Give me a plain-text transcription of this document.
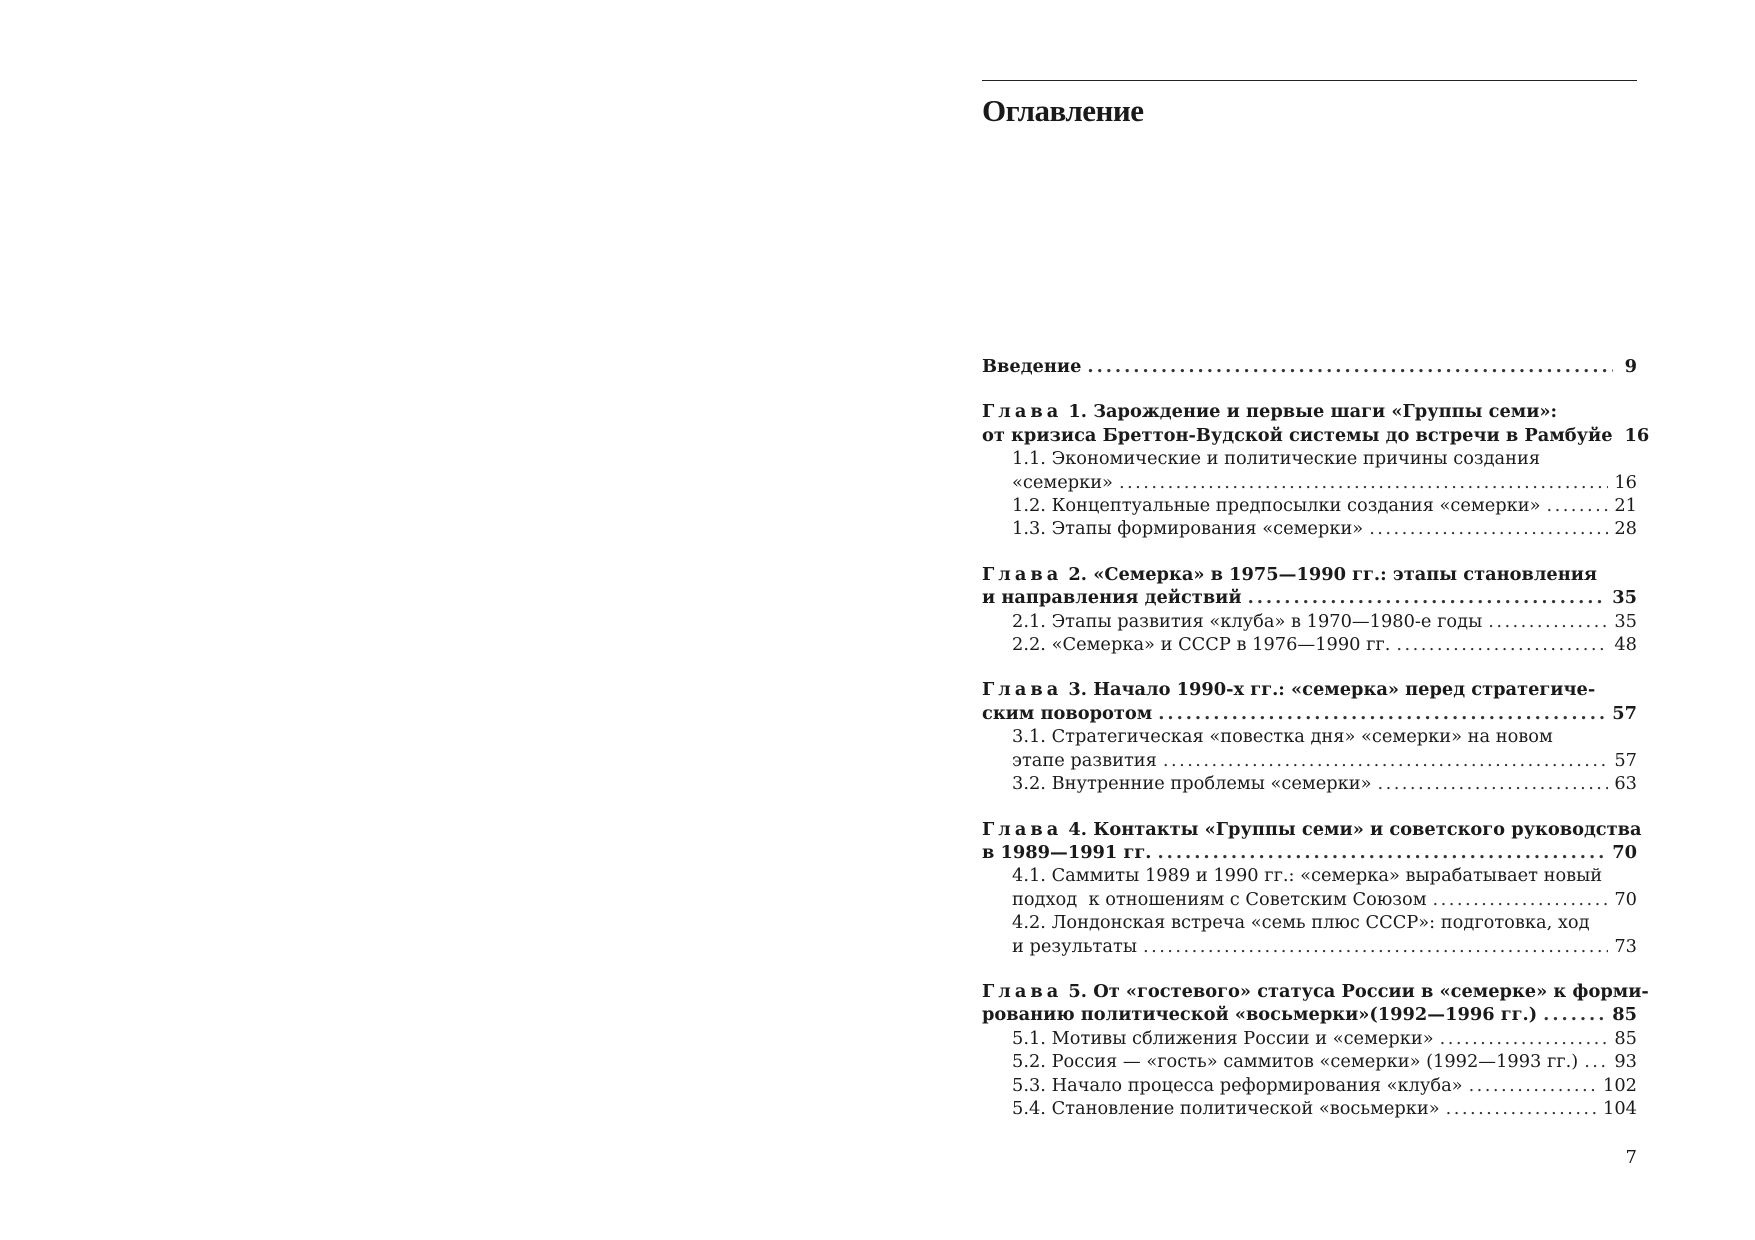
Оглавление
Введение . . .	9
Глава 1. Зарождение и первые шаги «Группы семи»:
от кризиса Бреттон-Вудской системы до встречи в Рамбуйе 16
1.1. Экономические и политические причины создания
«семерки» . . .	16
1.2. Концептуальные предпосылки создания «семерки» . . .	21
1.3. Этапы формирования «семерки» . . .	28
Глава 2. «Семерка» в 1975—1990 гг.: этапы становления
и направления действий . . .	35
2.1. Этапы развития «клуба» в 1970—1980-е годы . . .	35
2.2. «Семерка» и СССР в 1976—1990 гг. . . .	48
Глава 3. Начало 1990-х гг.: «семерка» перед стратегиче-
ским поворотом . . .	57
3.1. Стратегическая «повестка дня» «семерки» на новом
этапе развития . . .	57
3.2. Внутренние проблемы «семерки» . . .	63
Глава 4. Контакты «Группы семи» и советского руководства
в 1989—1991 гг. . . .	70
4.1. Саммиты 1989 и 1990 гг.: «семерка» вырабатывает новый
подход  к отношениям с Советским Союзом . . .	70
4.2. Лондонская встреча «семь плюс СССР»: подготовка, ход
и результаты . . .	73
Глава 5. От «гостевого» статуса России в «семерке» к форми-
рованию политической «восьмерки»(1992—1996 гг.) . . .	85
5.1. Мотивы сближения России и «семерки» . . .	85
5.2. Россия — «гость» саммитов «семерки» (1992—1993 гг.) . . . 93
5.3. Начало процесса реформирования «клуба» . . .	102
5.4. Становление политической «восьмерки» . . .	104
7
